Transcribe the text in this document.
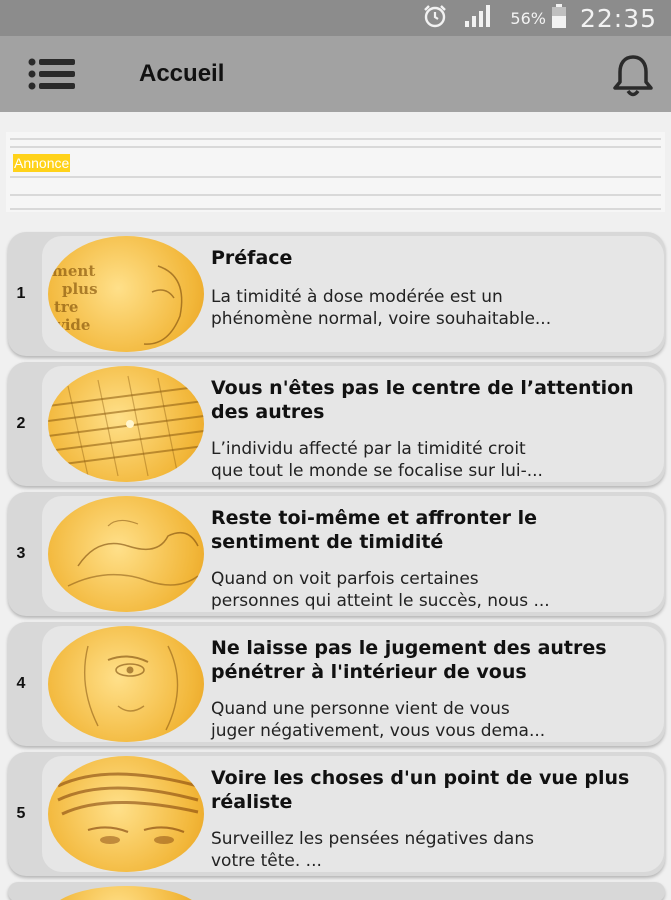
56% 22:35
Accueil
Annonce
1
ment
plus
tre
vide
Préface
La timidité à dose modérée est un
phénomène normal, voire souhaitable...
2
Vous n'êtes pas le centre de l’attention des autres
L’individu affecté par la timidité croit
que tout le monde se focalise sur lui-...
3
Reste toi-même et affronter le sentiment de timidité
Quand on voit parfois certaines
personnes qui atteint le succès, nous ...
4
Ne laisse pas le jugement des autres pénétrer à l'intérieur de vous
Quand une personne vient de vous
juger négativement, vous vous dema...
5
Voire les choses d'un point de vue plus réaliste
Surveillez les pensées négatives dans
votre tête. ...
